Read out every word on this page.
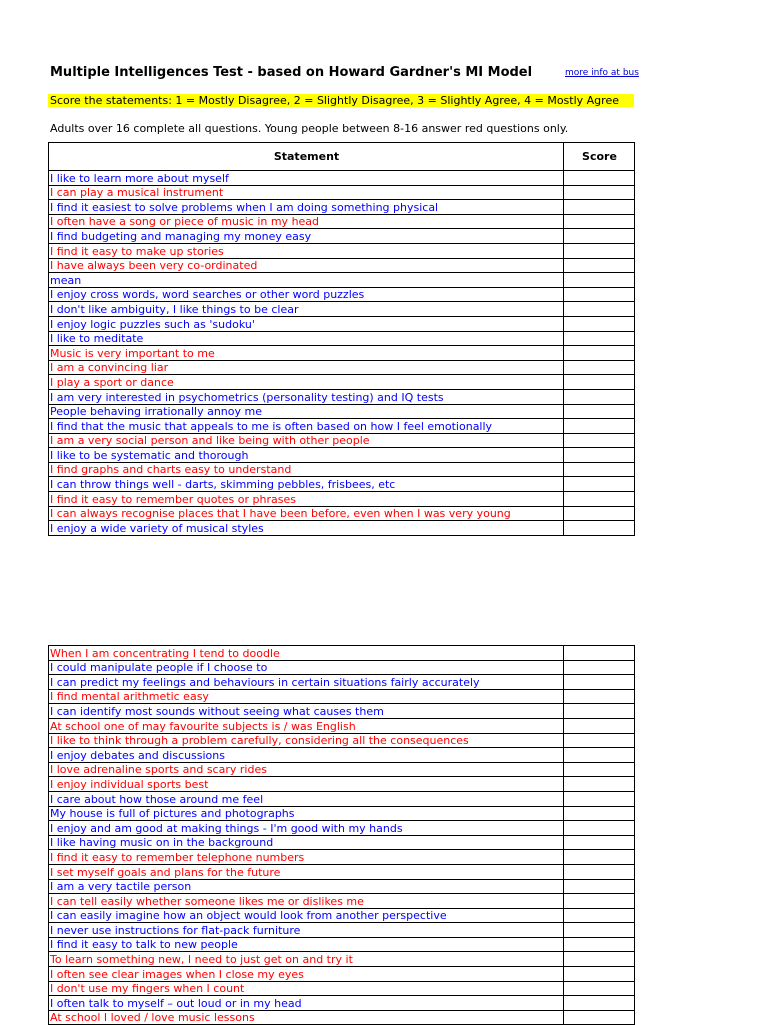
Multiple Intelligences Test - based on Howard Gardner's MI Model	more info at bus
Score the statements: 1 = Mostly Disagree, 2 = Slightly Disagree, 3 = Slightly Agree, 4 = Mostly Agree
Adults over 16 complete all questions. Young people between 8-16 answer red questions only.
Statement	Score
I like to learn more about myself	
I can play a musical instrument	
I find it easiest to solve problems when I am doing something physical	
I often have a song or piece of music in my head	
I find budgeting and managing my money easy	
I find it easy to make up stories	
I have always been very co-ordinated	
mean	
I enjoy cross words, word searches or other word puzzles	
I don't like ambiguity, I like things to be clear	
I enjoy logic puzzles such as 'sudoku'	
I like to meditate	
Music is very important to me	
I am a convincing liar	
I play a sport or dance	
I am very interested in psychometrics (personality testing) and IQ tests	
People behaving irrationally annoy me	
I find that the music that appeals to me is often based on how I feel emotionally	
I am a very social person and like being with other people	
I like to be systematic and thorough	
I find graphs and charts easy to understand	
I can throw things well - darts, skimming pebbles, frisbees, etc	
I find it easy to remember quotes or phrases	
I can always recognise places that I have been before, even when I was very young	
I enjoy a wide variety of musical styles	
When I am concentrating I tend to doodle	
I could manipulate people if I choose to	
I can predict my feelings and behaviours in certain situations fairly accurately	
I find mental arithmetic easy	
I can identify most sounds without seeing what causes them	
At school one of may favourite subjects is / was English	
I like to think through a problem carefully, considering all the consequences	
I enjoy debates and discussions	
I love adrenaline sports and scary rides	
I enjoy individual sports best	
I care about how those around me feel	
My house is full of pictures and photographs	
I enjoy and am good at making things - I'm good with my hands	
I like having music on in the background	
I find it easy to remember telephone numbers	
I set myself goals and plans for the future	
I am a very tactile person	
I can tell easily whether someone likes me or dislikes me	
I can easily imagine how an object would look from another perspective	
I never use instructions for flat-pack furniture	
I find it easy to talk to new people	
To learn something new, I need to just get on and try it	
I often see clear images when I close my eyes	
I don't use my fingers when I count	
I often talk to myself – out loud or in my head	
At school I loved / love music lessons	
